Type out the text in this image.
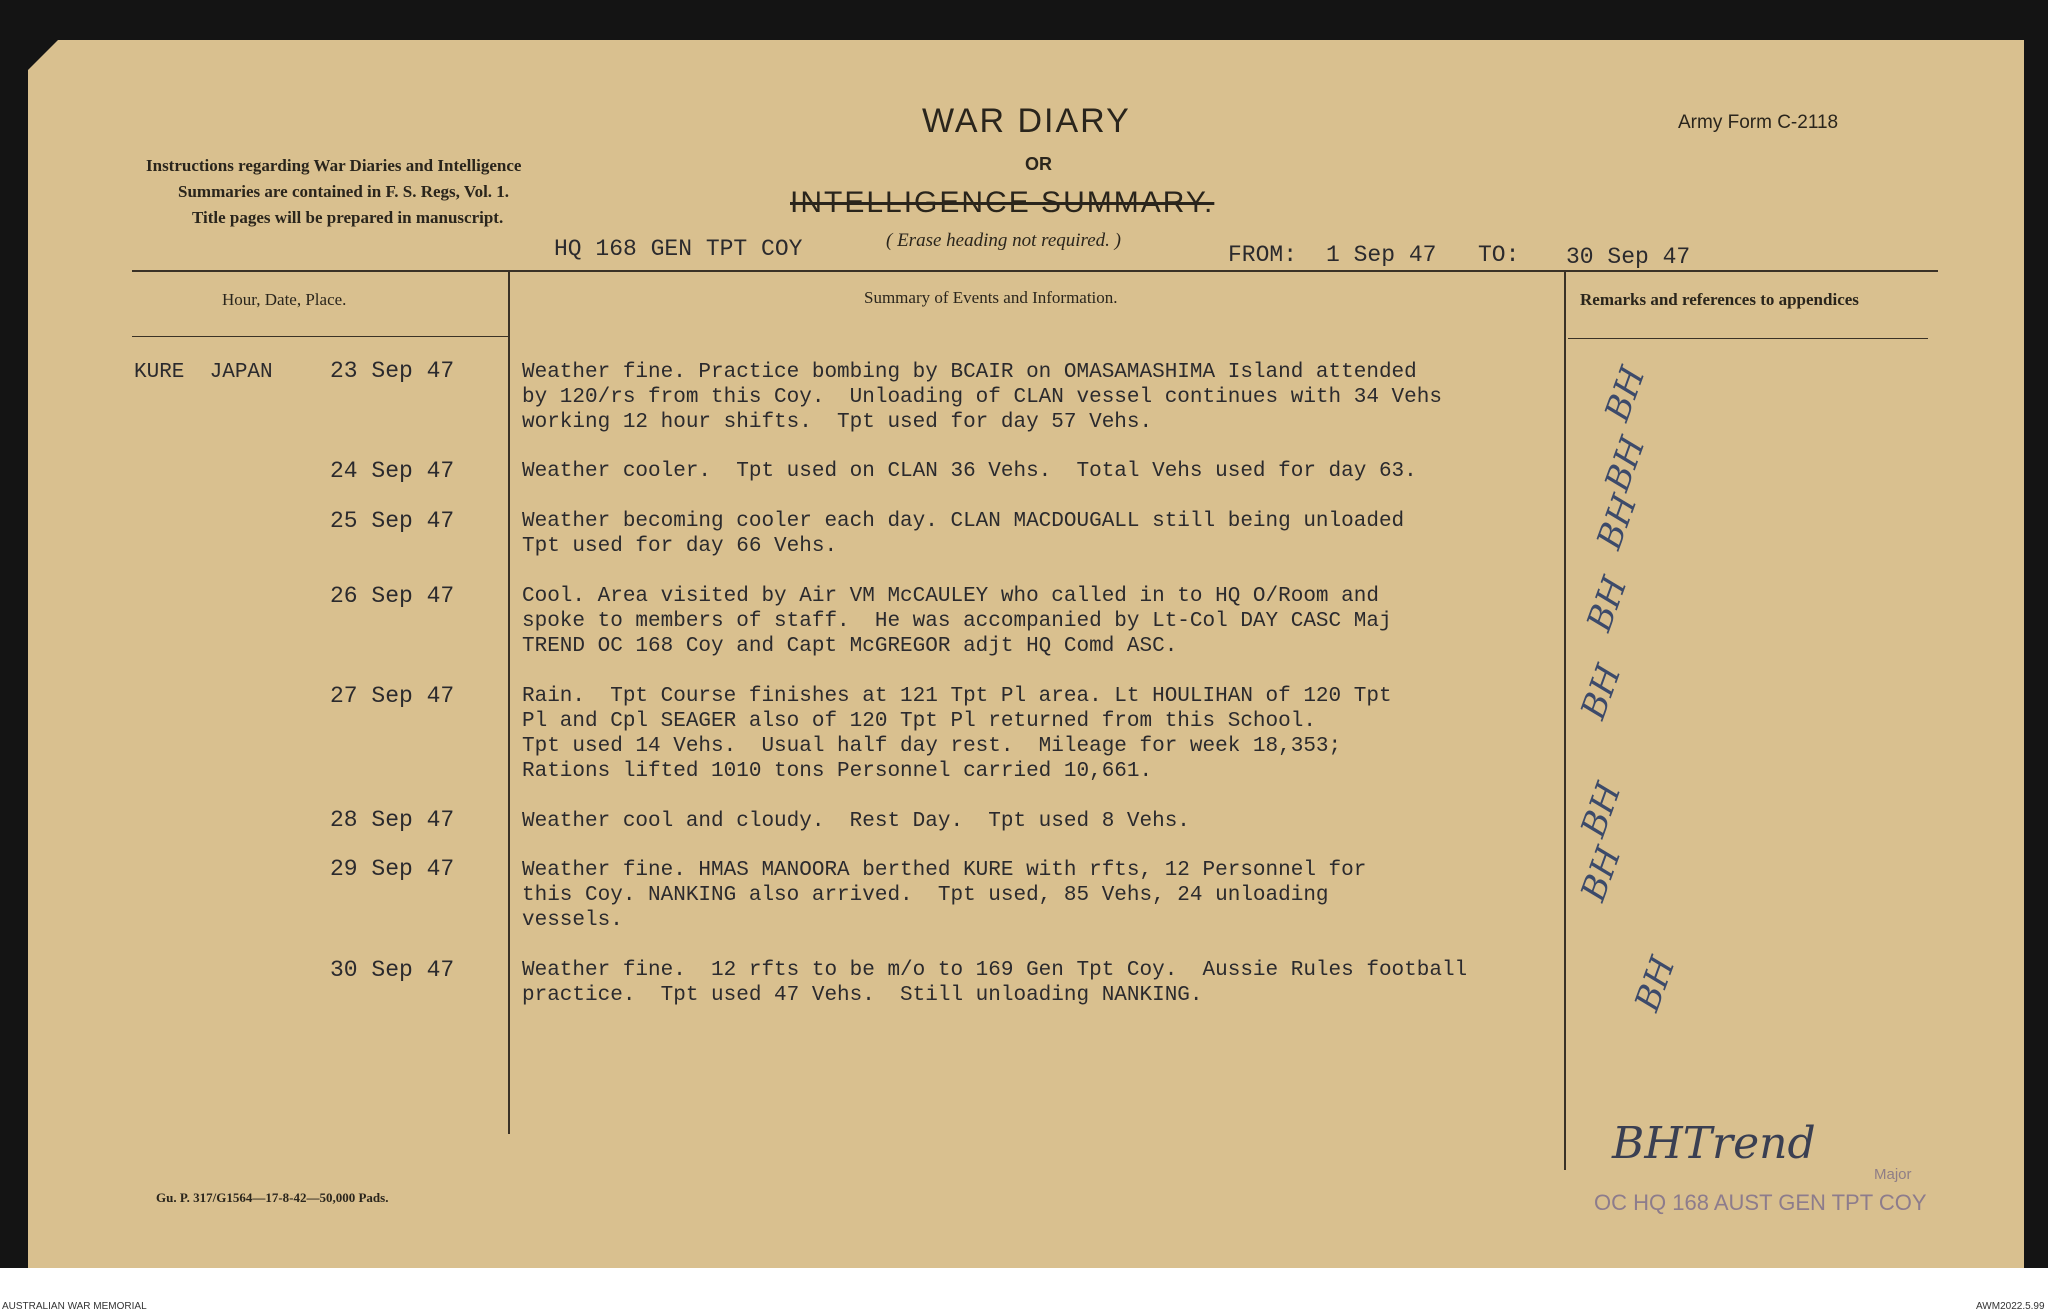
WAR DIARY
OR
INTELLIGENCE SUMMARY.
( Erase heading not required. )
Army Form C-2118
Instructions regarding War Diaries and Intelligence
Summaries are contained in F. S. Regs, Vol. 1.
Title pages will be prepared in manuscript.
HQ 168 GEN TPT COY	FROM: 1 Sep 47 TO: 30 Sep 47
Hour, Date, Place.	Summary of Events and Information.	Remarks and references to appendices
KURE  JAPAN 23 Sep 47	Weather fine. Practice bombing by BCAIR on OMASAMASHIMA Island attended
by 120/rs from this Coy.  Unloading of CLAN vessel continues with 34 Vehs
working 12 hour shifts.  Tpt used for day 57 Vehs.	BH
24 Sep 47	Weather cooler.  Tpt used on CLAN 36 Vehs.  Total Vehs used for day 63.	BH
25 Sep 47	Weather becoming cooler each day. CLAN MACDOUGALL still being unloaded
Tpt used for day 66 Vehs.	BH
26 Sep 47	Cool. Area visited by Air VM McCAULEY who called in to HQ O/Room and
spoke to members of staff.  He was accompanied by Lt-Col DAY CASC Maj
TREND OC 168 Coy and Capt McGREGOR adjt HQ Comd ASC.
BH
27 Sep 47	Rain.  Tpt Course finishes at 121 Tpt Pl area. Lt HOULIHAN of 120 Tpt
Pl and Cpl SEAGER also of 120 Tpt Pl returned from this School.
Tpt used 14 Vehs.  Usual half day rest.  Mileage for week 18,353;
Rations lifted 1010 tons Personnel carried 10,661.
BH
28 Sep 47	Weather cool and cloudy.  Rest Day.  Tpt used 8 Vehs.	BH
29 Sep 47	Weather fine. HMAS MANOORA berthed KURE with rfts, 12 Personnel for
this Coy. NANKING also arrived.  Tpt used, 85 Vehs, 24 unloading
vessels.
BH
30 Sep 47	Weather fine.  12 rfts to be m/o to 169 Gen Tpt Coy.  Aussie Rules football
practice.  Tpt used 47 Vehs.  Still unloading NANKING.	BH
BHTrend
Major
OC HQ 168 AUST GEN TPT COY
Gu. P. 317/G1564—17-8-42—50,000 Pads.
AUSTRALIAN WAR MEMORIAL	AWM2022.5.99
